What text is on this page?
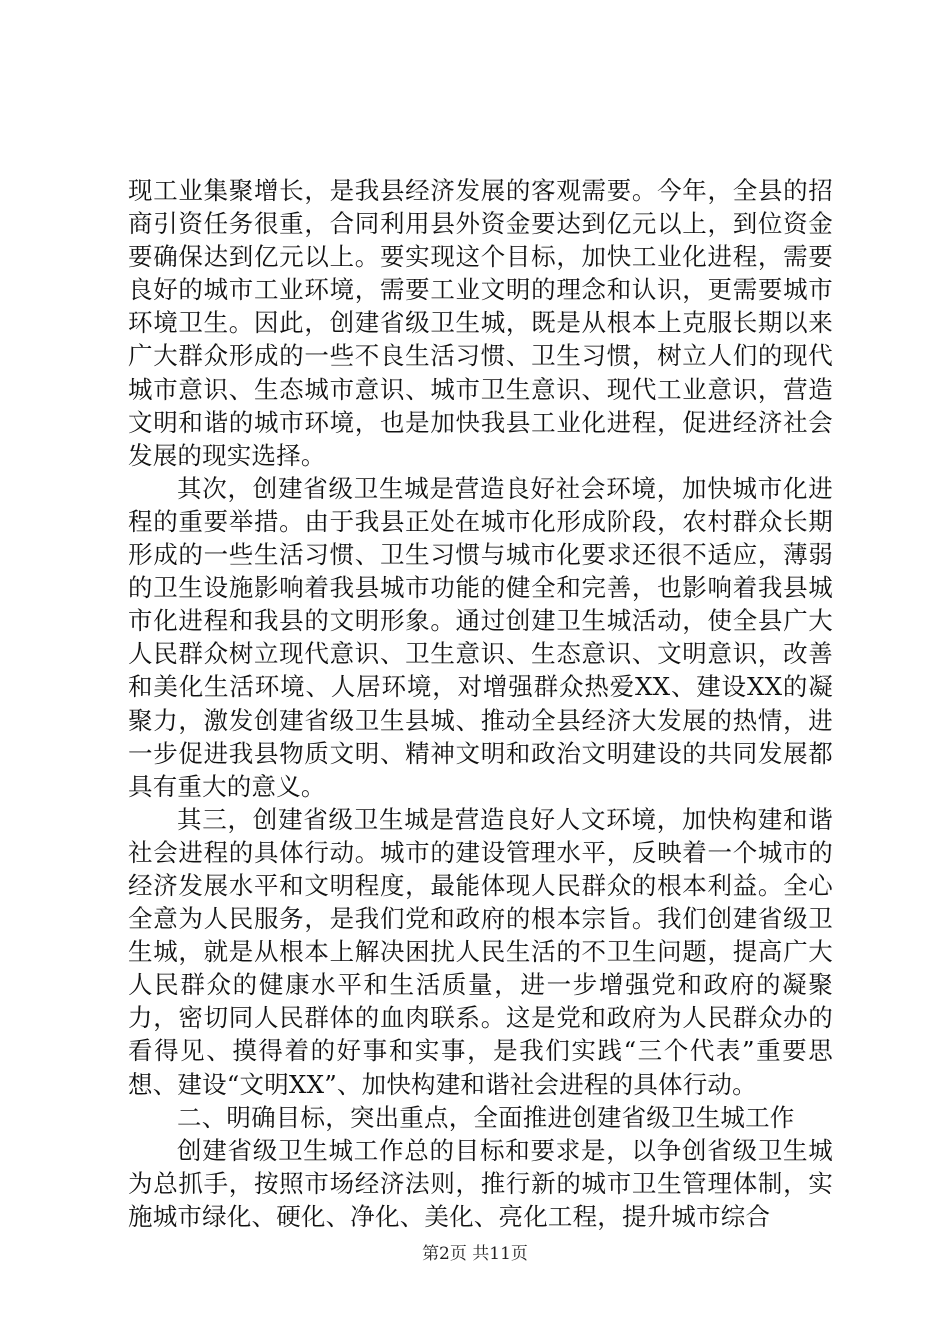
现工业集聚增长，是我县经济发展的客观需要。今年，全县的招商引资任务很重，合同利用县外资金要达到亿元以上，到位资金要确保达到亿元以上。要实现这个目标，加快工业化进程，需要良好的城市工业环境，需要工业文明的理念和认识，更需要城市环境卫生。因此，创建省级卫生城，既是从根本上克服长期以来广大群众形成的一些不良生活习惯、卫生习惯，树立人们的现代城市意识、生态城市意识、城市卫生意识、现代工业意识，营造文明和谐的城市环境，也是加快我县工业化进程，促进经济社会发展的现实选择。

其次，创建省级卫生城是营造良好社会环境，加快城市化进程的重要举措。由于我县正处在城市化形成阶段，农村群众长期形成的一些生活习惯、卫生习惯与城市化要求还很不适应，薄弱的卫生设施影响着我县城市功能的健全和完善，也影响着我县城市化进程和我县的文明形象。通过创建卫生城活动，使全县广大人民群众树立现代意识、卫生意识、生态意识、文明意识，改善和美化生活环境、人居环境，对增强群众热爱XX、建设XX的凝聚力，激发创建省级卫生县城、推动全县经济大发展的热情，进一步促进我县物质文明、精神文明和政治文明建设的共同发展都具有重大的意义。

其三，创建省级卫生城是营造良好人文环境，加快构建和谐社会进程的具体行动。城市的建设管理水平，反映着一个城市的经济发展水平和文明程度，最能体现人民群众的根本利益。全心全意为人民服务，是我们党和政府的根本宗旨。我们创建省级卫生城，就是从根本上解决困扰人民生活的不卫生问题，提高广大人民群众的健康水平和生活质量，进一步增强党和政府的凝聚力，密切同人民群体的血肉联系。这是党和政府为人民群众办的看得见、摸得着的好事和实事，是我们实践“三个代表”重要思想、建设“文明XX”、加快构建和谐社会进程的具体行动。

二、明确目标，突出重点，全面推进创建省级卫生城工作

创建省级卫生城工作总的目标和要求是，以争创省级卫生城为总抓手，按照市场经济法则，推行新的城市卫生管理体制，实施城市绿化、硬化、净化、美化、亮化工程，提升城市综合

第2页 共11页
